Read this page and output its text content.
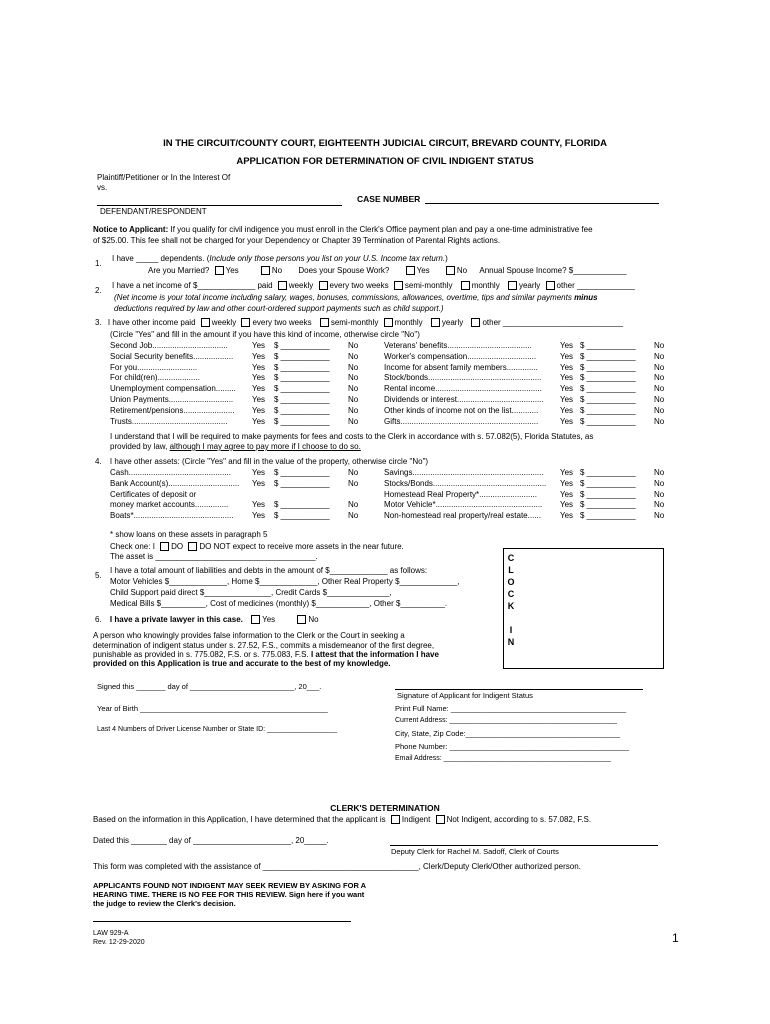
IN THE CIRCUIT/COUNTY COURT, EIGHTEENTH JUDICIAL CIRCUIT, BREVARD COUNTY, FLORIDA
APPLICATION FOR DETERMINATION OF CIVIL INDIGENT STATUS
Plaintiff/Petitioner or In the Interest Of
vs.
CASE NUMBER
DEFENDANT/RESPONDENT
Notice to Applicant: If you qualify for civil indigence you must enroll in the Clerk's Office payment plan and pay a one-time administrative fee
of $25.00. This fee shall not be charged for your Dependency or Chapter 39 Termination of Parental Rights actions.
1.
I have _____ dependents. (Include only those persons you list on your U.S. Income tax return.)
Are you Married? Yes	No Does your Spouse Work?	Yes	No Annual Spouse Income? $____________
2.
I have a net income of $_____________ paid weekly every two weeks semi-monthly monthly yearly other _____________
(Net income is your total income including salary, wages, bonuses, commissions, allowances, overtime, tips and similar payments minus
deductions required by law and other court-ordered support payments such as child support.)
3. I have other income paid weekly every two weeks semi-monthly monthly yearly other ___________________________
(Circle "Yes" and fill in the amount if you have this kind of income, otherwise circle "No")
Second Job..................................	Yes $ ___________ No
Social Security benefits.................. Yes $ ___________ No
For you...........................	Yes $ ___________ No
For child(ren)...................	Yes $ ___________ No
Unemployment compensation......... Yes $ ___________ No
Union Payments............................. Yes $ ___________ No
Retirement/pensions....................... Yes $ ___________ No
Trusts...........................................	Yes $ ___________ No
Veterans' benefits......................................	Yes $ ___________ No
Worker's compensation...............................	Yes $ ___________ No
Income for absent family members..............	Yes $ ___________ No
Stock/bonds................................................... Yes $ ___________ No
Rental income................................................ Yes $ ___________ No
Dividends or interest....................................... Yes $ ___________ No
Other kinds of income not on the list............	Yes $ ___________ No
Gifts..............................................................	Yes $ ___________ No
I understand that I will be required to make payments for fees and costs to the Clerk in accordance with s. 57.082(5), Florida Statutes, as
provided by law, although I may agree to pay more if I choose to do so.
4. I have other assets: (Circle "Yes" and fill in the value of the property, otherwise circle "No")
Cash..............................................	Yes $ ___________ No
Bank Account(s)................................ Yes $ ___________ No
Certificates of deposit or
money market accounts...............	Yes $ ___________ No
Boats*............................................. Yes $ ___________ No
Savings........................................................... Yes $ ___________ No
Stocks/Bonds................................................... Yes $ ___________ No
Homestead Real Property*..........................	Yes $ ___________ No
Motor Vehicle*................................................ Yes $ ___________ No
Non-homestead real property/real estate...... Yes $ ___________ No
* show loans on these assets in paragraph 5
Check one: I DO DO NOT expect to receive more assets in the near future.
The asset is ____________________________________.
5.
I have a total amount of liabilities and debts in the amount of $_____________ as follows:
Motor Vehicles $_____________, Home $_____________, Other Real Property $_____________,
Child Support paid direct $_______________, Credit Cards $______________,
Medical Bills $__________, Cost of medicines (monthly) $____________, Other $__________.
6. I have a private lawyer in this case. Yes	No
A person who knowingly provides false information to the Clerk or the Court in seeking a
determination of indigent status under s. 27.52, F.S., commits a misdemeanor of the first degree,
punishable as provided in s. 775.082, F.S. or s. 775.083, F.S. I attest that the information I have
provided on this Application is true and accurate to the best of my knowledge.
C
L
O
C
K

I
N
Signed this _______ day of _________________________, 20___.
Signature of Applicant for Indigent Status
Year of Birth _____________________________________________	Print Full Name: __________________________________________
Current Address: ___________________________________________
Last 4 Numbers of Driver License Number or State ID: __________________	City, State, Zip Code:_____________________________________
Phone Number: ___________________________________________
Email Address: ___________________________________________
CLERK'S DETERMINATION
Based on the information in this Application, I have determined that the applicant is Indigent Not Indigent, according to s. 57.082, F.S.
Dated this ________ day of ______________________, 20_____.
Deputy Clerk for Rachel M. Sadoff, Clerk of Courts
This form was completed with the assistance of ___________________________________, Clerk/Deputy Clerk/Other authorized person.
APPLICANTS FOUND NOT INDIGENT MAY SEEK REVIEW BY ASKING FOR A
HEARING TIME. THERE IS NO FEE FOR THIS REVIEW. Sign here if you want
the judge to review the Clerk's decision.
LAW 929-A
Rev. 12-29-2020	1
